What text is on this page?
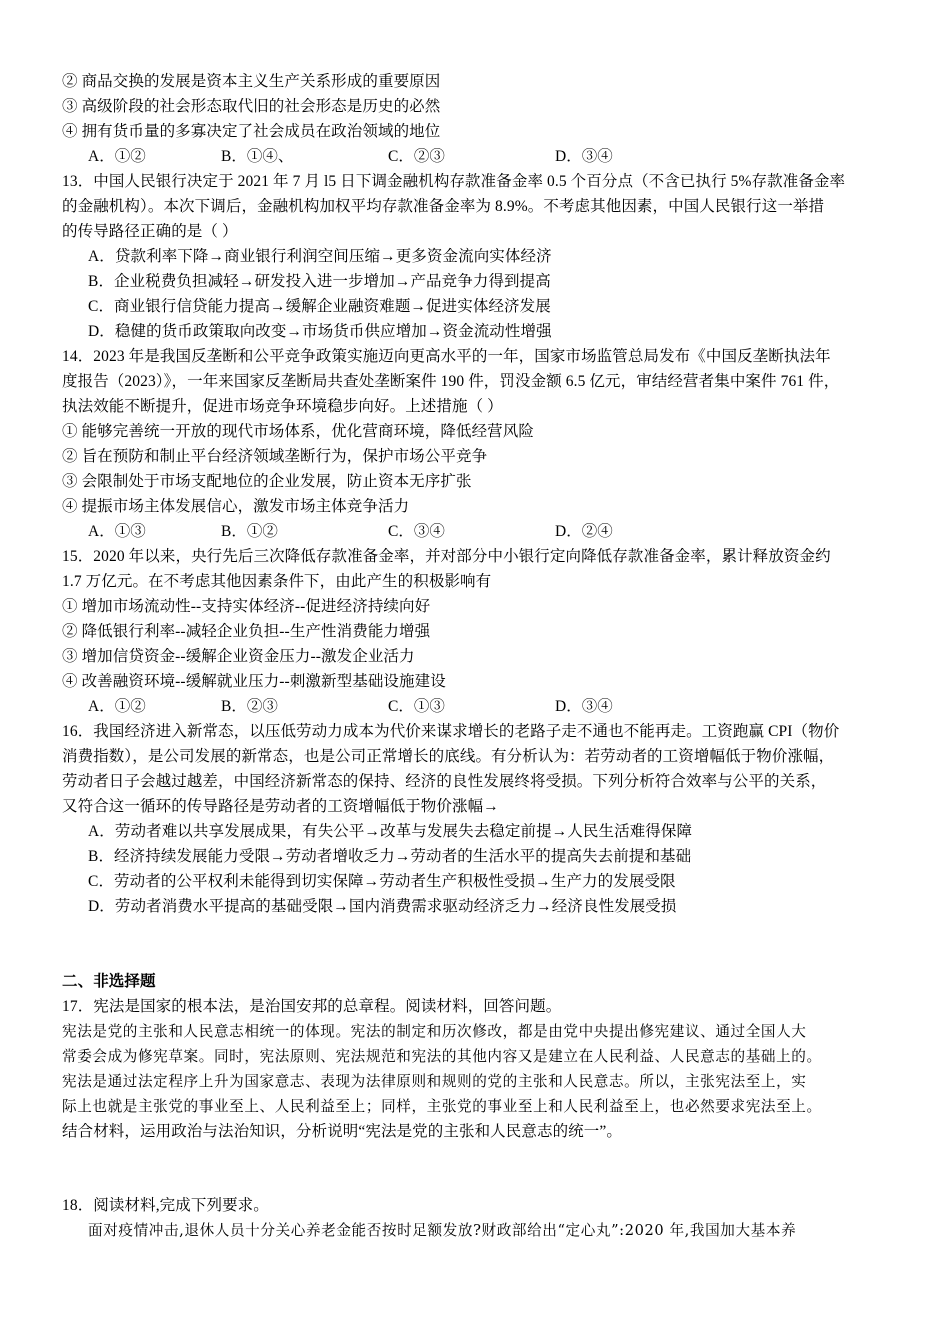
② 商品交换的发展是资本主义生产关系形成的重要原因
③ 高级阶段的社会形态取代旧的社会形态是历史的必然
④ 拥有货币量的多寡决定了社会成员在政治领域的地位
A．①②	B．①④、	C．②③	D．③④
13．中国人民银行决定于 2021 年 7 月 l5 日下调金融机构存款准备金率 0.5 个百分点（不含已执行 5%存款准备金率
的金融机构）。本次下调后，金融机构加权平均存款准备金率为 8.9%。不考虑其他因素，中国人民银行这一举措
的传导路径正确的是（ ）
A．贷款利率下降→商业银行利润空间压缩→更多资金流向实体经济
B．企业税费负担减轻→研发投入进一步增加→产品竞争力得到提高
C．商业银行信贷能力提高→缓解企业融资难题→促进实体经济发展
D．稳健的货币政策取向改变→市场货币供应增加→资金流动性增强
14．2023 年是我国反垄断和公平竞争政策实施迈向更高水平的一年，国家市场监管总局发布《中国反垄断执法年
度报告（2023）》，一年来国家反垄断局共查处垄断案件 190 件，罚没金额 6.5 亿元，审结经营者集中案件 761 件，
执法效能不断提升，促进市场竞争环境稳步向好。上述措施（ ）
① 能够完善统一开放的现代市场体系，优化营商环境，降低经营风险
② 旨在预防和制止平台经济领域垄断行为，保护市场公平竞争
③ 会限制处于市场支配地位的企业发展，防止资本无序扩张
④ 提振市场主体发展信心，激发市场主体竞争活力
A．①③	B．①②	C．③④	D．②④
15．2020 年以来，央行先后三次降低存款准备金率，并对部分中小银行定向降低存款准备金率，累计释放资金约
1.7 万亿元。在不考虑其他因素条件下，由此产生的积极影响有
① 增加市场流动性--支持实体经济--促进经济持续向好
② 降低银行利率--减轻企业负担--生产性消费能力增强
③ 增加信贷资金--缓解企业资金压力--激发企业活力
④ 改善融资环境--缓解就业压力--刺激新型基础设施建设
A．①②	B．②③	C．①③	D．③④
16．我国经济进入新常态，以压低劳动力成本为代价来谋求增长的老路子走不通也不能再走。工资跑赢 CPI（物价
消费指数），是公司发展的新常态，也是公司正常增长的底线。有分析认为：若劳动者的工资增幅低于物价涨幅，
劳动者日子会越过越差，中国经济新常态的保持、经济的良性发展终将受损。下列分析符合效率与公平的关系，
又符合这一循环的传导路径是劳动者的工资增幅低于物价涨幅→
A．劳动者难以共享发展成果，有失公平→改革与发展失去稳定前提→人民生活难得保障
B．经济持续发展能力受限→劳动者增收乏力→劳动者的生活水平的提高失去前提和基础
C．劳动者的公平权利未能得到切实保障→劳动者生产积极性受损→生产力的发展受限
D．劳动者消费水平提高的基础受限→国内消费需求驱动经济乏力→经济良性发展受损
二、非选择题
17．宪法是国家的根本法，是治国安邦的总章程。阅读材料，回答问题。
宪法是党的主张和人民意志相统一的体现。宪法的制定和历次修改，都是由党中央提出修宪建议、通过全国人大
常委会成为修宪草案。同时，宪法原则、宪法规范和宪法的其他内容又是建立在人民利益、人民意志的基础上的。
宪法是通过法定程序上升为国家意志、表现为法律原则和规则的党的主张和人民意志。所以，主张宪法至上，实
际上也就是主张党的事业至上、人民利益至上；同样，主张党的事业至上和人民利益至上，也必然要求宪法至上。
结合材料，运用政治与法治知识，分析说明“宪法是党的主张和人民意志的统一”。
18．阅读材料,完成下列要求。
面对疫情冲击,退休人员十分关心养老金能否按时足额发放?财政部给出“定心丸”:2020 年,我国加大基本养
